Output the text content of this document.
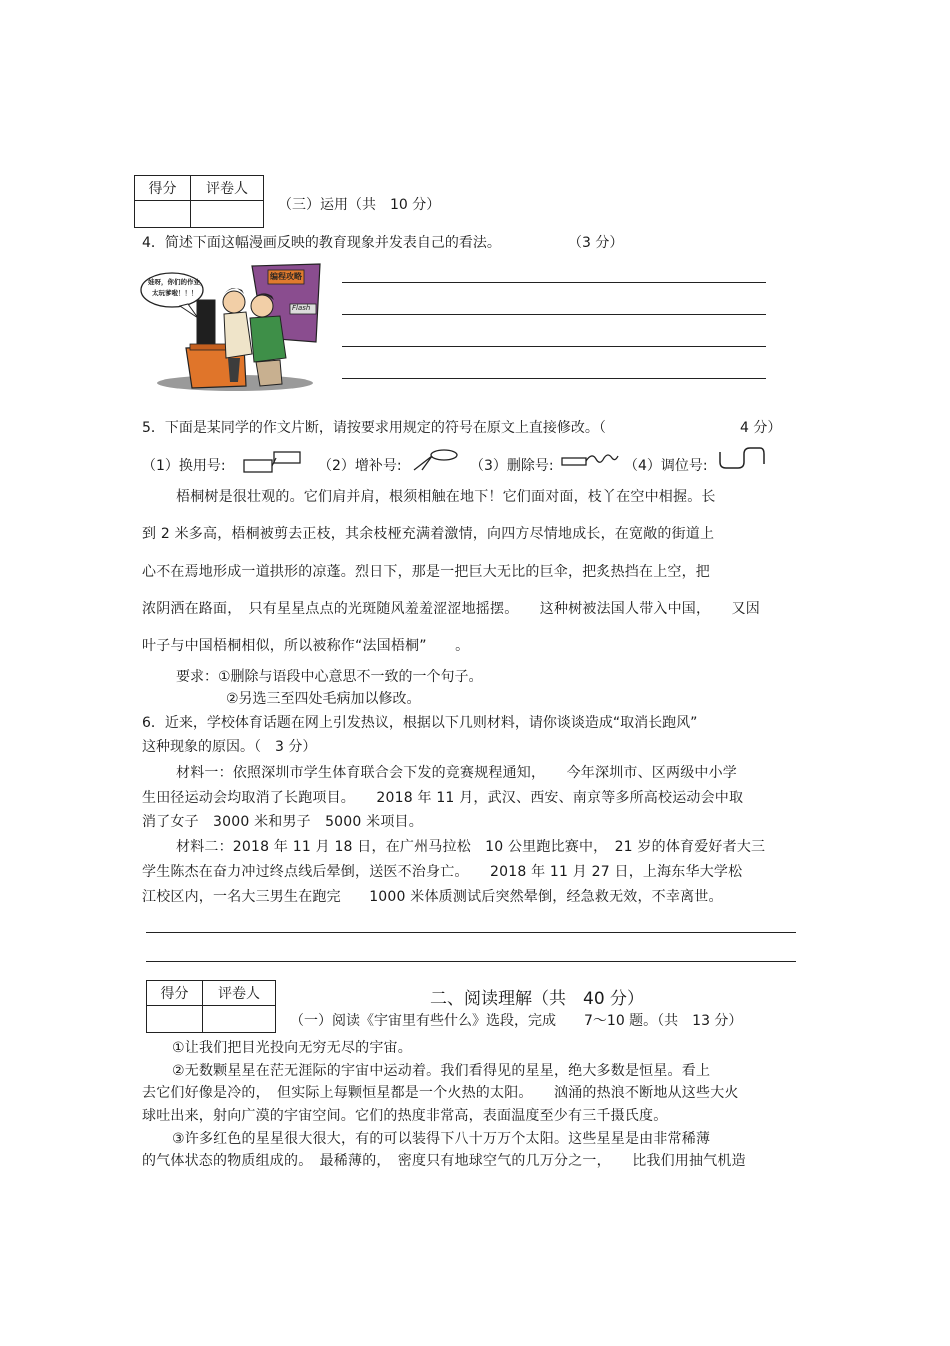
得分	评卷人

（三）运用（共　10 分）
4．简述下面这幅漫画反映的教育现象并发表自己的看法。	（3 分）
娃呀，你们的作业，
太玩爹啦！！！
编程攻略
Flash
5．下面是某同学的作文片断，请按要求用规定的符号在原文上直接修改。（	4 分）
（1）换用号:	（2）增补号:	（3）删除号:	（4）调位号:
梧桐树是很壮观的。它们肩并肩，根须相触在地下！它们面对面，枝丫在空中相握。长
到 2 米多高，梧桐被剪去正枝，其余枝桠充满着激情，向四方尽情地成长，在宽敞的街道上
心不在焉地形成一道拱形的凉蓬。烈日下，那是一把巨大无比的巨伞，把炙热挡在上空，把
浓阴洒在路面，　只有星星点点的光斑随风羞羞涩涩地摇摆。　　这种树被法国人带入中国，　　又因
叶子与中国梧桐相似，所以被称作“法国梧桐”　　。
要求：①删除与语段中心意思不一致的一个句子。
②另选三至四处毛病加以修改。
6．近来，学校体育话题在网上引发热议，根据以下几则材料，请你谈谈造成“取消长跑风”
这种现象的原因。（　3 分）
材料一：依照深圳市学生体育联合会下发的竞赛规程通知，　　今年深圳市、区两级中小学
生田径运动会均取消了长跑项目。　　2018 年 11 月，武汉、西安、南京等多所高校运动会中取
消了女子　3000 米和男子　5000 米项目。
材料二：2018 年 11 月 18 日，在广州马拉松　10 公里跑比赛中，　21 岁的体育爱好者大三
学生陈杰在奋力冲过终点线后晕倒，送医不治身亡。　　2018 年 11 月 27 日，上海东华大学松
江校区内，一名大三男生在跑完　　1000 米体质测试后突然晕倒，经急救无效，不幸离世。
得分	评卷人
		二、阅读理解（共　40 分）
（一）阅读《宇宙里有些什么》选段，完成　　7～10 题。（共　13 分）
①让我们把目光投向无穷无尽的宇宙。
②无数颗星星在茫无涯际的宇宙中运动着。我们看得见的星星，绝大多数是恒星。看上
去它们好像是冷的，　但实际上每颗恒星都是一个火热的太阳。　　汹涌的热浪不断地从这些大火
球吐出来，射向广漠的宇宙空间。它们的热度非常高，表面温度至少有三千摄氏度。
③许多红色的星星很大很大，有的可以装得下八十万万个太阳。这些星星是由非常稀薄
的气体状态的物质组成的。　最稀薄的，　密度只有地球空气的几万分之一，　　比我们用抽气机造
